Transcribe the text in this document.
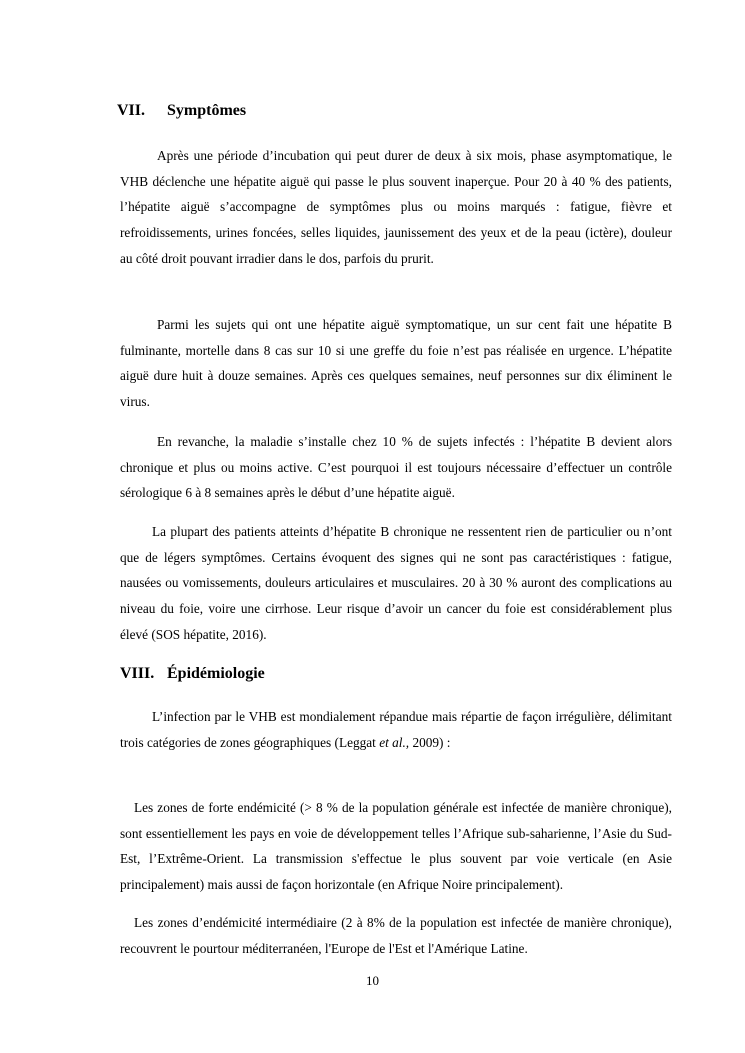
VII. Symptômes

Après une période d’incubation qui peut durer de deux à six mois, phase asymptomatique, le VHB déclenche une hépatite aiguë qui passe le plus souvent inaperçue. Pour 20 à 40 % des patients, l’hépatite aiguë s’accompagne de symptômes plus ou moins marqués : fatigue, fièvre et refroidissements, urines foncées, selles liquides, jaunissement des yeux et de la peau (ictère), douleur au côté droit pouvant irradier dans le dos, parfois du prurit.

Parmi les sujets qui ont une hépatite aiguë symptomatique, un sur cent fait une hépatite B fulminante, mortelle dans 8 cas sur 10 si une greffe du foie n’est pas réalisée en urgence. L’hépatite aiguë dure huit à douze semaines. Après ces quelques semaines, neuf personnes sur dix éliminent le virus.

En revanche, la maladie s’installe chez 10 % de sujets infectés : l’hépatite B devient alors chronique et plus ou moins active. C’est pourquoi il est toujours nécessaire d’effectuer un contrôle sérologique 6 à 8 semaines après le début d’une hépatite aiguë.

La plupart des patients atteints d’hépatite B chronique ne ressentent rien de particulier ou n’ont que de légers symptômes. Certains évoquent des signes qui ne sont pas caractéristiques : fatigue, nausées ou vomissements, douleurs articulaires et musculaires. 20 à 30 % auront des complications au niveau du foie, voire une cirrhose. Leur risque d’avoir un cancer du foie est considérablement plus élevé (SOS hépatite, 2016).

VIII. Épidémiologie

L’infection par le VHB est mondialement répandue mais répartie de façon irrégulière, délimitant trois catégories de zones géographiques (Leggat et al., 2009) :

Les zones de forte endémicité (> 8 % de la population générale est infectée de manière chronique), sont essentiellement les pays en voie de développement telles l’Afrique sub-saharienne, l’Asie du Sud-Est, l’Extrême-Orient. La transmission s'effectue le plus souvent par voie verticale (en Asie principalement) mais aussi de façon horizontale (en Afrique Noire principalement).

Les zones d’endémicité intermédiaire (2 à 8% de la population est infectée de manière chronique), recouvrent le pourtour méditerranéen, l'Europe de l'Est et l'Amérique Latine.

10
